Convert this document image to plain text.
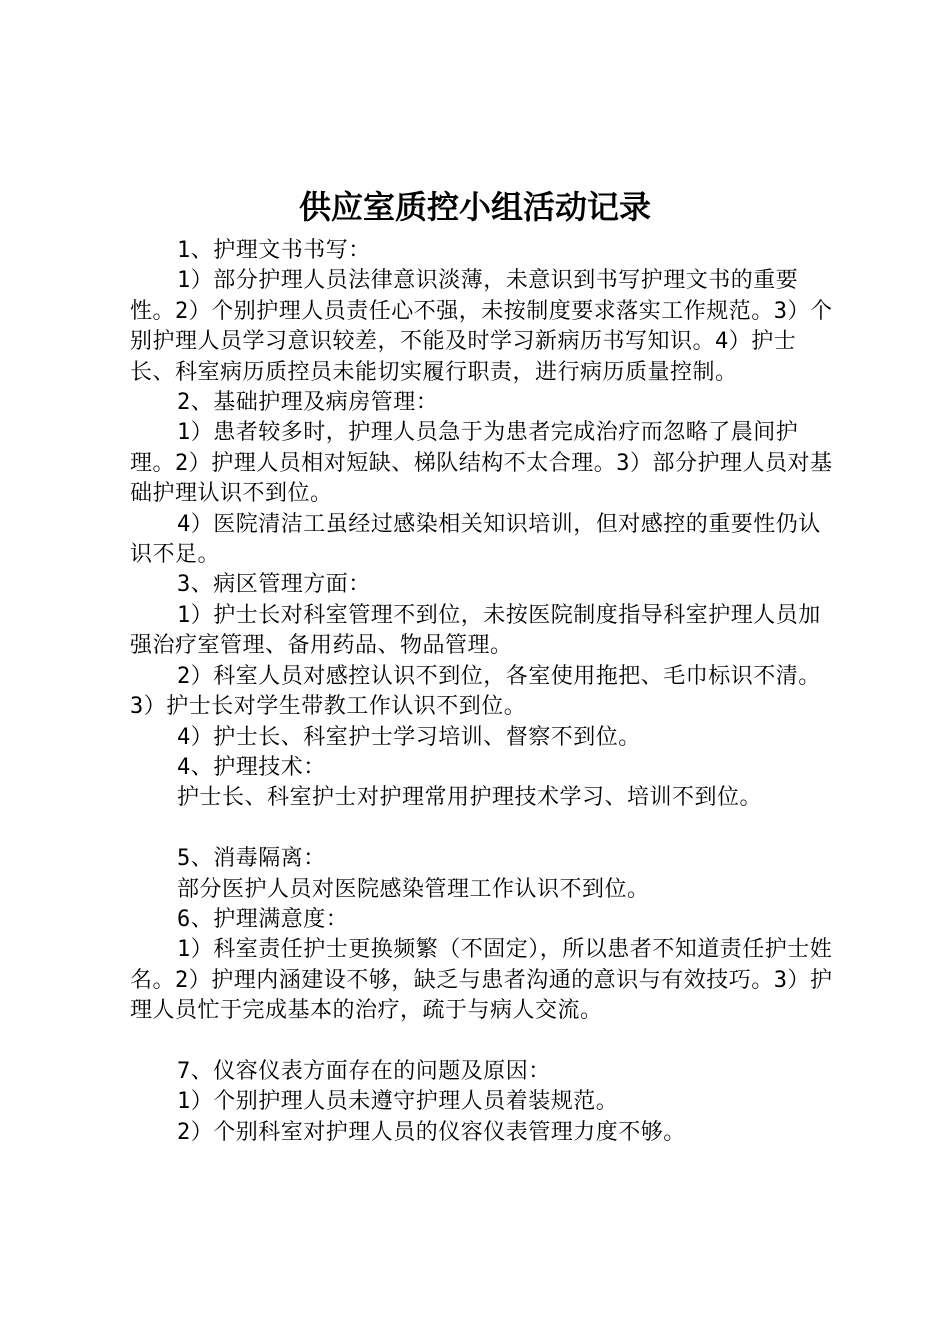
供应室质控小组活动记录

1、护理文书书写：

1）部分护理人员法律意识淡薄，未意识到书写护理文书的重要性。2）个别护理人员责任心不强，未按制度要求落实工作规范。3）个别护理人员学习意识较差，不能及时学习新病历书写知识。4）护士长、科室病历质控员未能切实履行职责，进行病历质量控制。

2、基础护理及病房管理：

1）患者较多时，护理人员急于为患者完成治疗而忽略了晨间护理。2）护理人员相对短缺、梯队结构不太合理。3）部分护理人员对基础护理认识不到位。

4）医院清洁工虽经过感染相关知识培训，但对感控的重要性仍认识不足。

3、病区管理方面：

1）护士长对科室管理不到位，未按医院制度指导科室护理人员加强治疗室管理、备用药品、物品管理。

2）科室人员对感控认识不到位，各室使用拖把、毛巾标识不清。3）护士长对学生带教工作认识不到位。

4）护士长、科室护士学习培训、督察不到位。

4、护理技术：

护士长、科室护士对护理常用护理技术学习、培训不到位。

5、消毒隔离：

部分医护人员对医院感染管理工作认识不到位。

6、护理满意度：

1）科室责任护士更换频繁（不固定），所以患者不知道责任护士姓名。2）护理内涵建设不够，缺乏与患者沟通的意识与有效技巧。3）护理人员忙于完成基本的治疗，疏于与病人交流。

7、仪容仪表方面存在的问题及原因：

1）个别护理人员未遵守护理人员着装规范。

2）个别科室对护理人员的仪容仪表管理力度不够。
